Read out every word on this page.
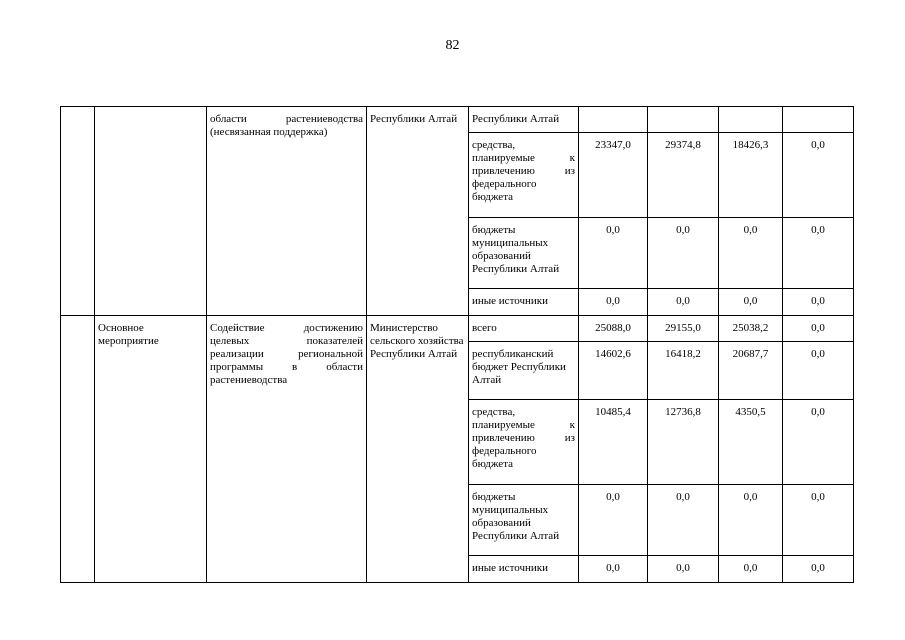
82
		области растениеводства (несвязанная поддержка)	Республики Алтай	Республики Алтай				
				средства, планируемые к привлечению из федерального бюджета	23347,0	29374,8	18426,3	0,0
				бюджеты муниципальных образований Республики Алтай	0,0	0,0	0,0	0,0
				иные источники	0,0	0,0	0,0	0,0
	Основное мероприятие	Содействие достижению целевых показателей реализации региональной программы в области растениеводства	Министерство сельского хозяйства Республики Алтай	всего	25088,0	29155,0	25038,2	0,0
				республиканский бюджет Республики Алтай	14602,6	16418,2	20687,7	0,0
				средства, планируемые к привлечению из федерального бюджета	10485,4	12736,8	4350,5	0,0
				бюджеты муниципальных образований Республики Алтай	0,0	0,0	0,0	0,0
				иные источники	0,0	0,0	0,0	0,0
